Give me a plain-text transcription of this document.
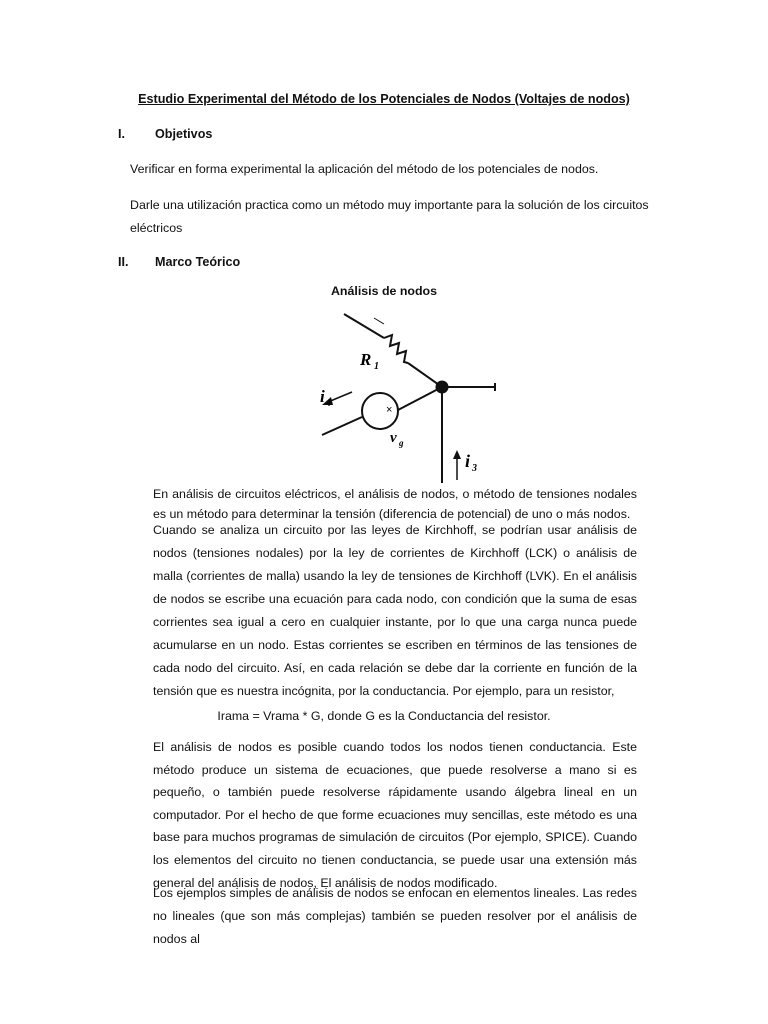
Estudio Experimental del Método de los Potenciales de Nodos (Voltajes de nodos)
I. Objetivos

Verificar en forma experimental la aplicación del método de los potenciales de nodos.

Darle una utilización practica como un método muy importante para la solución de los circuitos eléctricos

II. Marco Teórico
Análisis de nodos
×
R 1
i 4
v g
i 3

En análisis de circuitos eléctricos, el análisis de nodos, o método de tensiones nodales es un método para determinar la tensión (diferencia de potencial) de uno o más nodos.

Cuando se analiza un circuito por las leyes de Kirchhoff, se podrían usar análisis de nodos (tensiones nodales) por la ley de corrientes de Kirchhoff (LCK) o análisis de malla (corrientes de malla) usando la ley de tensiones de Kirchhoff (LVK). En el análisis de nodos se escribe una ecuación para cada nodo, con condición que la suma de esas corrientes sea igual a cero en cualquier instante, por lo que una carga nunca puede acumularse en un nodo. Estas corrientes se escriben en términos de las tensiones de cada nodo del circuito. Así, en cada relación se debe dar la corriente en función de la tensión que es nuestra incógnita, por la conductancia. Por ejemplo, para un resistor,

Irama = Vrama * G, donde G es la Conductancia del resistor.

El análisis de nodos es posible cuando todos los nodos tienen conductancia. Este método produce un sistema de ecuaciones, que puede resolverse a mano si es pequeño, o también puede resolverse rápidamente usando álgebra lineal en un computador. Por el hecho de que forme ecuaciones muy sencillas, este método es una base para muchos programas de simulación de circuitos (Por ejemplo, SPICE). Cuando los elementos del circuito no tienen conductancia, se puede usar una extensión más general del análisis de nodos, El análisis de nodos modificado.

Los ejemplos simples de análisis de nodos se enfocan en elementos lineales. Las redes no lineales (que son más complejas) también se pueden resolver por el análisis de nodos al
